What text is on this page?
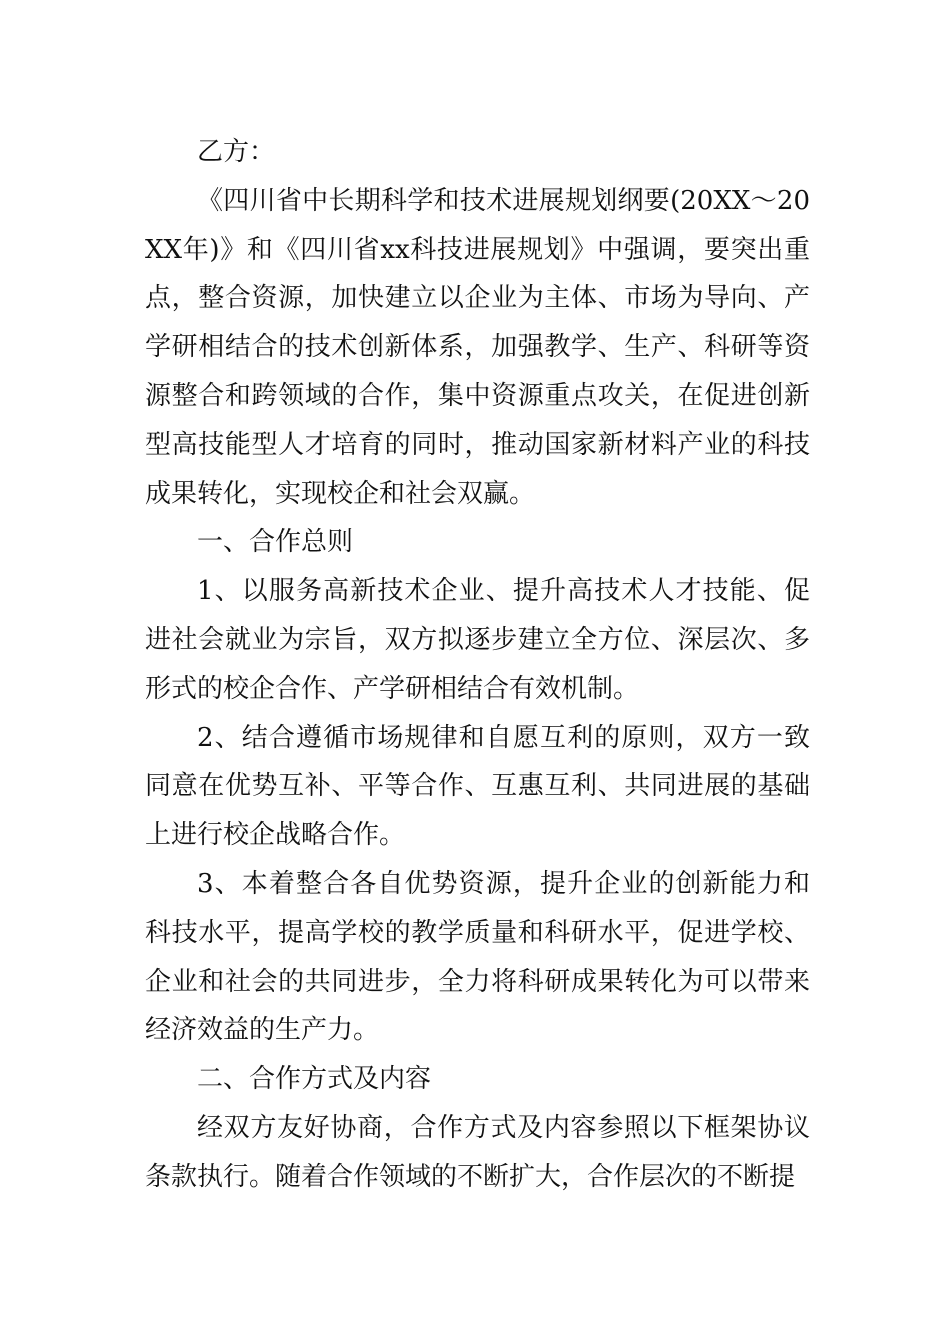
乙方：

《四川省中长期科学和技术进展规划纲要(20XX～20XX年)》和《四川省xx科技进展规划》中强调，要突出重点，整合资源，加快建立以企业为主体、市场为导向、产学研相结合的技术创新体系，加强教学、生产、科研等资源整合和跨领域的合作，集中资源重点攻关，在促进创新型高技能型人才培育的同时，推动国家新材料产业的科技成果转化，实现校企和社会双赢。

一、合作总则

1、以服务高新技术企业、提升高技术人才技能、促进社会就业为宗旨，双方拟逐步建立全方位、深层次、多形式的校企合作、产学研相结合有效机制。

2、结合遵循市场规律和自愿互利的原则，双方一致同意在优势互补、平等合作、互惠互利、共同进展的基础上进行校企战略合作。

3、本着整合各自优势资源，提升企业的创新能力和科技水平，提高学校的教学质量和科研水平，促进学校、企业和社会的共同进步，全力将科研成果转化为可以带来经济效益的生产力。

二、合作方式及内容

经双方友好协商，合作方式及内容参照以下框架协议条款执行。随着合作领域的不断扩大，合作层次的不断提
